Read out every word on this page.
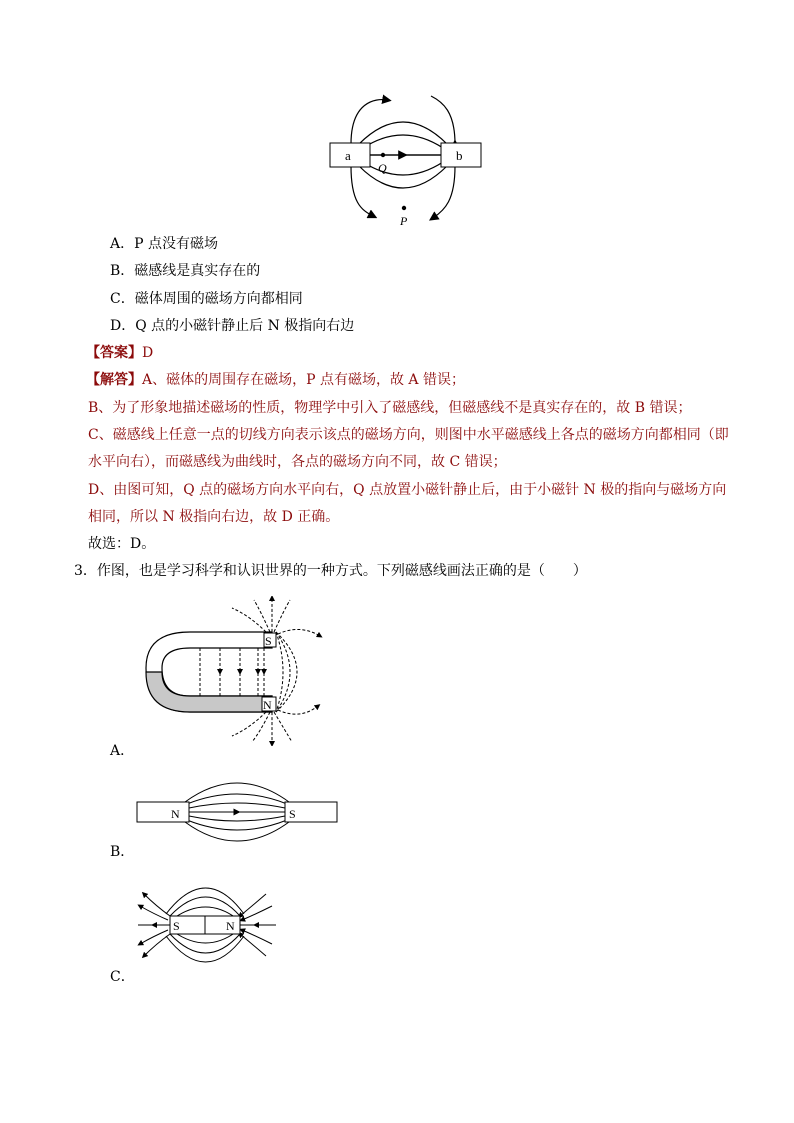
a	b
Q
P
A．P 点没有磁场
B．磁感线是真实存在的
C．磁体周围的磁场方向都相同
D．Q 点的小磁针静止后 N 极指向右边
【答案】D
【解答】A、磁体的周围存在磁场，P 点有磁场，故 A 错误；
B、为了形象地描述磁场的性质，物理学中引入了磁感线，但磁感线不是真实存在的，故 B 错误；
C、磁感线上任意一点的切线方向表示该点的磁场方向，则图中水平磁感线上各点的磁场方向都相同（即
水平向右），而磁感线为曲线时，各点的磁场方向不同，故 C 错误；
D、由图可知，Q 点的磁场方向水平向右，Q 点放置小磁针静止后，由于小磁针 N 极的指向与磁场方向
相同，所以 N 极指向右边，故 D 正确。
故选：D。
3．作图，也是学习科学和认识世界的一种方式。下列磁感线画法正确的是（　　）
S
N
A．
N	S
B．
S	N
C．
